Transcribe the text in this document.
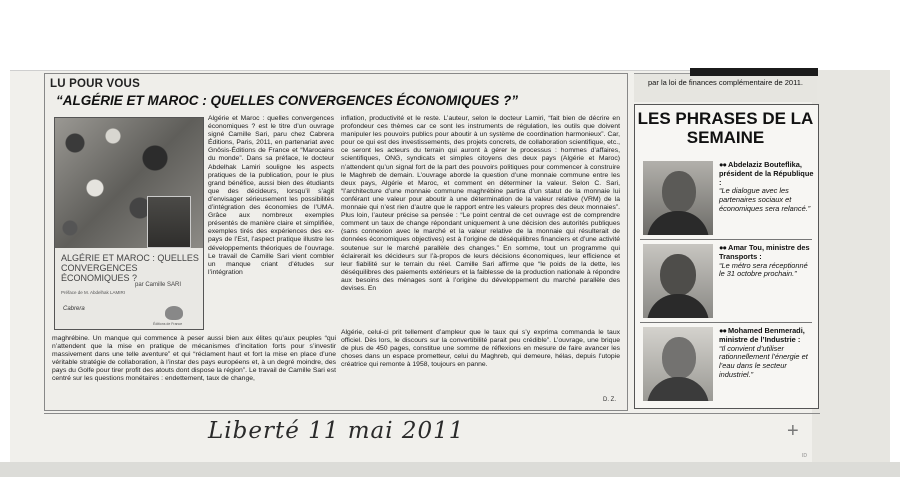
LU POUR VOUS

“ALGÉRIE ET MAROC : QUELLES CONVERGENCES ÉCONOMIQUES ?”

ALGÉRIE ET MAROC : QUELLES CONVERGENCES ÉCONOMIQUES ?

par Camille SARI

Préface de M. Abdelhak LAMIRI

Cabrera

Éditions de France

Algérie et Maroc : quelles convergences économiques ? est le titre d’un ouvrage signé Camille Sari, paru chez Cabrera Éditions, Paris, 2011, en partenariat avec Gnôsis-Éditions de France et “Marocains du monde”. Dans sa préface, le docteur Abdelhak Lamiri souligne les aspects pratiques de la publication, pour le plus grand bénéfice, aussi bien des étudiants que des décideurs, lorsqu’il s’agit d’envisager sérieusement les possibilités d’intégration des économies de l’UMA. Grâce aux nombreux exemples présentés de manière claire et simplifiée, exemples tirés des expériences des ex-pays de l’Est, l’aspect pratique illustre les développements théoriques de l’ouvrage. Le travail de Camille Sari vient combler un manque criant d’études sur l’intégration

inflation, productivité et le reste. L’auteur, selon le docteur Lamiri, “fait bien de décrire en profondeur ces thèmes car ce sont les instruments de régulation, les outils que doivent manipuler les pouvoirs publics pour aboutir à un système de coordination harmonieux”. Car, pour ce qui est des investissements, des projets concrets, de collaboration scientifique, etc., ce seront les acteurs du terrain qui auront à gérer le processus : hommes d’affaires, scientifiques, ONG, syndicats et simples citoyens des deux pays (Algérie et Maroc) n’attendent qu’un signal fort de la part des pouvoirs politiques pour commencer à construire le Maghreb de demain. L’ouvrage aborde la question d’une monnaie commune entre les deux pays, Algérie et Maroc, et comment en déterminer la valeur. Selon C. Sari, “l’architecture d’une monnaie commune maghrébine partira d’un statut de la monnaie lui conférant une valeur pour aboutir à une détermination de la valeur relative (VRM) de la monnaie qui n’est rien d’autre que le rapport entre les valeurs propres des deux monnaies”. Plus loin, l’auteur précise sa pensée : “Le point central de cet ouvrage est de comprendre comment un taux de change répondant uniquement à une décision des autorités publiques (sans connexion avec le marché et la valeur relative de la monnaie qui résulterait de données économiques objectives) est à l’origine de déséquilibres financiers et d’une activité soutenue sur le marché parallèle des changes.” En somme, tout un programme qui éclairerait les décideurs sur l’à-propos de leurs décisions économiques, leur efficience et leur fiabilité sur le terrain du réel. Camille Sari affirme que “le poids de la dette, les déséquilibres des paiements extérieurs et la faiblesse de la production nationale à répondre aux besoins des ménages sont à l’origine du développement du marché parallèle des devises. En

maghrébine. Un manque qui commence à peser aussi bien aux élites qu’aux peuples “qui n’attendent que la mise en pratique de mécanismes d’incitation forts pour s’investir massivement dans une telle aventure” et qui “réclament haut et fort la mise en place d’une véritable stratégie de collaboration, à l’instar des pays européens et, à un degré moindre, des pays du Golfe pour tirer profit des atouts dont dispose la région”. Le travail de Camille Sari est centré sur les questions monétaires : endettement, taux de change,

Algérie, celui-ci prit tellement d’ampleur que le taux qui s’y exprima commanda le taux officiel. Dès lors, le discours sur la convertibilité parait peu crédible”. L’ouvrage, une brique de plus de 450 pages, constitue une somme de réflexions en mesure de faire avancer les choses dans un espace prometteur, celui du Maghreb, qui demeure, hélas, depuis l’utopie créatrice qui remonte à 1958, toujours en panne.

D. Z.

par la loi de finances complémentaire de 2011.

LES PHRASES DE LA SEMAINE

●● Abdelaziz Bouteflika, président de la République :
“Le dialogue avec les partenaires sociaux et économiques sera relancé.”

●● Amar Tou, ministre des Transports :
“Le métro sera réceptionné le 31 octobre prochain.”

●● Mohamed Benmeradi, ministre de l’Industrie :
“Il convient d’utiliser rationnellement l’énergie et l’eau dans le secteur industriel.”

Liberté 11 mai 2011	+

ID
